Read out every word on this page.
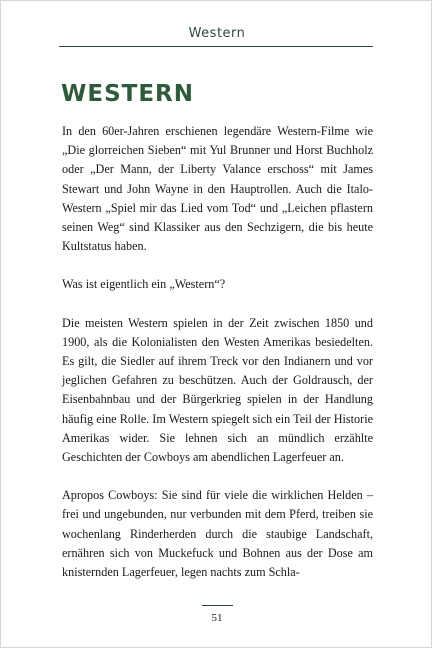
Western
WESTERN

In den 60er-Jahren erschienen legendäre Western-Filme wie „Die glorreichen Sieben“ mit Yul Brunner und Horst Buchholz oder „Der Mann, der Liberty Valance erschoss“ mit James Stewart und John Wayne in den Hauptrollen. Auch die Italo-Western „Spiel mir das Lied vom Tod“ und „Leichen pflastern seinen Weg“ sind Klassiker aus den Sechzigern, die bis heute Kultstatus haben.

Was ist eigentlich ein „Western“?

Die meisten Western spielen in der Zeit zwischen 1850 und 1900, als die Kolonialisten den Westen Amerikas besiedelten. Es gilt, die Siedler auf ihrem Treck vor den Indianern und vor jeglichen Gefahren zu beschützen. Auch der Goldrausch, der Eisenbahnbau und der Bürgerkrieg spielen in der Handlung häufig eine Rolle. Im Western spiegelt sich ein Teil der Historie Amerikas wider. Sie lehnen sich an mündlich erzählte Geschichten der Cowboys am abendlichen Lagerfeuer an.

Apropos Cowboys: Sie sind für viele die wirklichen Helden – frei und ungebunden, nur verbunden mit dem Pferd, treiben sie wochenlang Rinderherden durch die staubige Landschaft, ernähren sich von Muckefuck und Bohnen aus der Dose am knisternden Lagerfeuer, legen nachts zum Schla-

51
